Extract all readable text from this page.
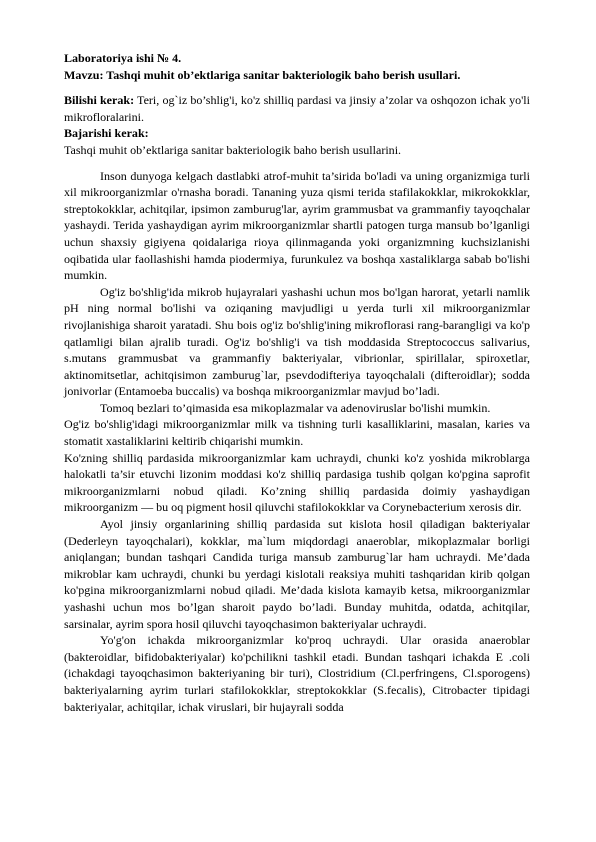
Laboratoriya ishi № 4.

Mavzu: Tashqi muhit ob’ektlariga sanitar bakteriologik baho berish usullari.

Bilishi kerak: Teri, og`iz bo’shlig'i, ko'z shilliq pardasi va jinsiy a’zolar va oshqozon ichak yo'li mikrofloralarini.

Bajarishi kerak:

Tashqi muhit ob’ektlariga sanitar bakteriologik baho berish usullarini.

Inson dunyoga kelgach dastlabki atrof-muhit ta’sirida bo'ladi va uning organizmiga turli xil mikroorganizmlar o'rnasha boradi. Tananing yuza qismi terida stafilakokklar, mikrokokklar, streptokokklar, achitqilar, ipsimon zamburug'lar, ayrim grammusbat va grammanfiy tayoqchalar yashaydi. Terida yashaydigan ayrim mikroorganizmlar shartli patogen turga mansub bo’lganligi uchun shaxsiy gigiyena qoidalariga rioya qilinmaganda yoki organizmning kuchsizlanishi oqibatida ular faollashishi hamda piodermiya, furunkulez va boshqa xastaliklarga sabab bo'lishi mumkin.

Og'iz bo'shlig'ida mikrob hujayralari yashashi uchun mos bo'lgan harorat, yetarli namlik pH ning normal bo'lishi va oziqaning mavjudligi u yerda turli xil mikroorganizmlar rivojlanishiga sharoit yaratadi. Shu bois og'iz bo'shlig'ining mikroflorasi rang-barangligi va ko'p qatlamligi bilan ajralib turadi. Og'iz bo'shlig'i va tish moddasida Streptococcus salivarius, s.mutans grammusbat va grammanfiy bakteriyalar, vibrionlar, spirillalar, spiroxetlar, aktinomitsetlar, achitqisimon zamburug`lar, psevdodifteriya tayoqchalali (difteroidlar); sodda jonivorlar (Entamoeba buccalis) va boshqa mikroorganizmlar mavjud bo’ladi.

Tomoq bezlari to’qimasida esa mikoplazmalar va adenoviruslar bo'lishi mumkin.

Og'iz bo'shlig'idagi mikroorganizmlar milk va tishning turli kasalliklarini, masalan, karies va stomatit xastaliklarini keltirib chiqarishi mumkin.

Ko'zning shilliq pardasida mikroorganizmlar kam uchraydi, chunki ko'z yoshida mikroblarga halokatli ta’sir etuvchi lizonim moddasi ko'z shilliq pardasiga tushib qolgan ko'pgina saprofit mikroorganizmlarni nobud qiladi. Ko’zning shilliq pardasida doimiy yashaydigan mikroorganizm — bu oq pigment hosil qiluvchi stafilokokklar va Corynebacterium xerosis dir.

Ayol jinsiy organlarining shilliq pardasida sut kislota hosil qiladigan bakteriyalar (Dederleyn tayoqchalari), kokklar, ma`lum miqdordagi anaeroblar, mikoplazmalar borligi aniqlangan; bundan tashqari Candida turiga mansub zamburug`lar ham uchraydi. Me’dada mikroblar kam uchraydi, chunki bu yerdagi kislotali reaksiya muhiti tashqaridan kirib qolgan ko'pgina mikroorganizmlarni nobud qiladi. Me’dada kislota kamayib ketsa, mikroorganizmlar yashashi uchun mos bo’lgan sharoit paydo bo’ladi. Bunday muhitda, odatda, achitqilar, sarsinalar, ayrim spora hosil qiluvchi tayoqchasimon bakteriyalar uchraydi.

Yo'g'on ichakda mikroorganizmlar ko'proq uchraydi. Ular orasida anaeroblar (bakteroidlar, bifidobakteriyalar) ko'pchilikni tashkil etadi. Bundan tashqari ichakda E .coli (ichakdagi tayoqchasimon bakteriyaning bir turi), Clostridium (Cl.perfringens, Cl.sporogens) bakteriyalarning ayrim turlari stafilokokklar, streptokokklar (S.fecalis), Citrobacter tipidagi bakteriyalar, achitqilar, ichak viruslari, bir hujayrali sodda
